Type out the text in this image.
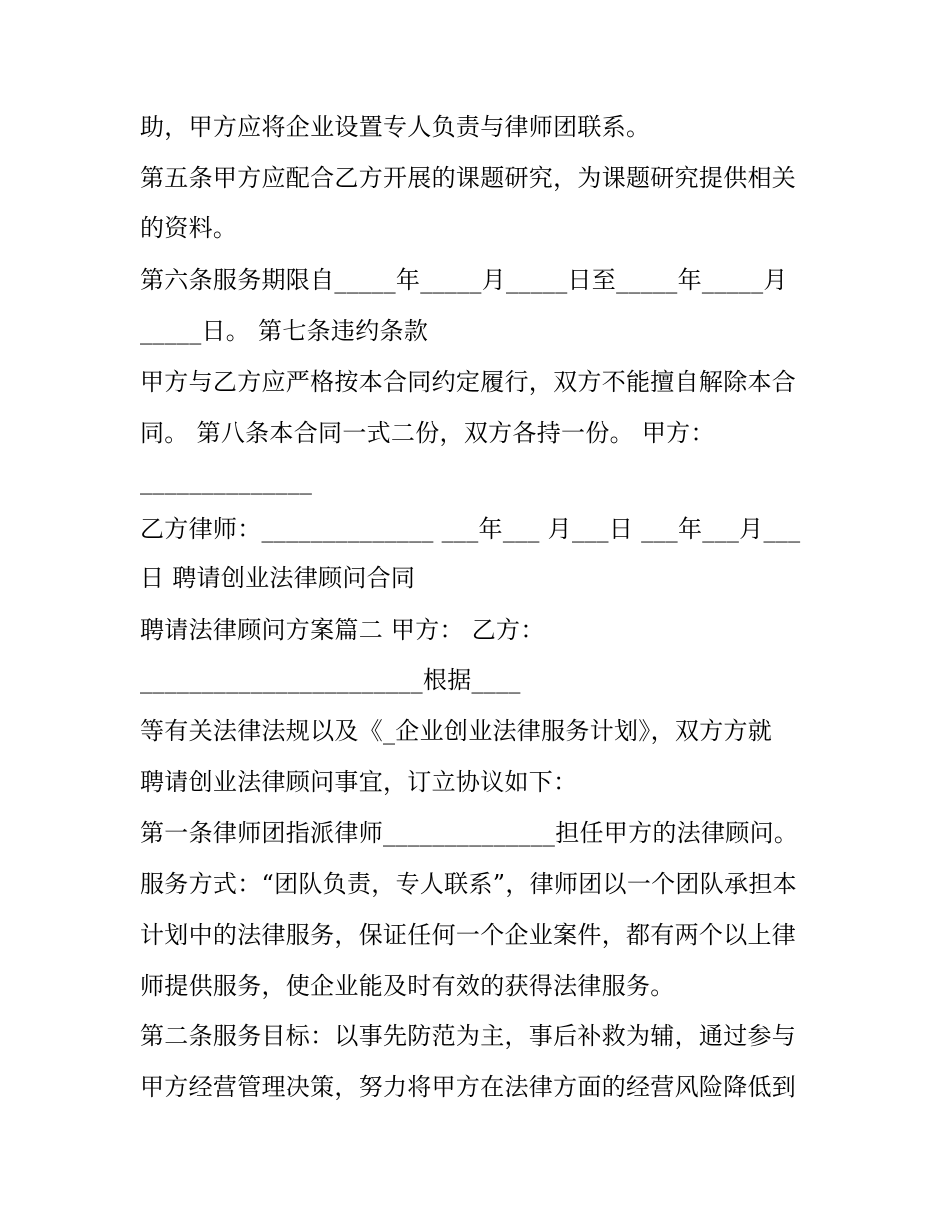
助，甲方应将企业设置专人负责与律师团联系。
第五条甲方应配合乙方开展的课题研究，为课题研究提供相关
的资料。
第六条服务期限自_____年_____月_____日至_____年_____月
_____日。 第七条违约条款
甲方与乙方应严格按本合同约定履行，双方不能擅自解除本合
同。 第八条本合同一式二份，双方各持一份。 甲方：
______________
乙方律师：______________ ___年___ 月___日 ___年___月___
日 聘请创业法律顾问合同
聘请法律顾问方案篇二 甲方： 乙方：
_______________________根据____
等有关法律法规以及《_企业创业法律服务计划》，双方方就
聘请创业法律顾问事宜，订立协议如下：
第一条律师团指派律师______________担任甲方的法律顾问。
服务方式：“团队负责，专人联系”，律师团以一个团队承担本
计划中的法律服务，保证任何一个企业案件，都有两个以上律
师提供服务，使企业能及时有效的获得法律服务。
第二条服务目标：以事先防范为主，事后补救为辅，通过参与
甲方经营管理决策，努力将甲方在法律方面的经营风险降低到
